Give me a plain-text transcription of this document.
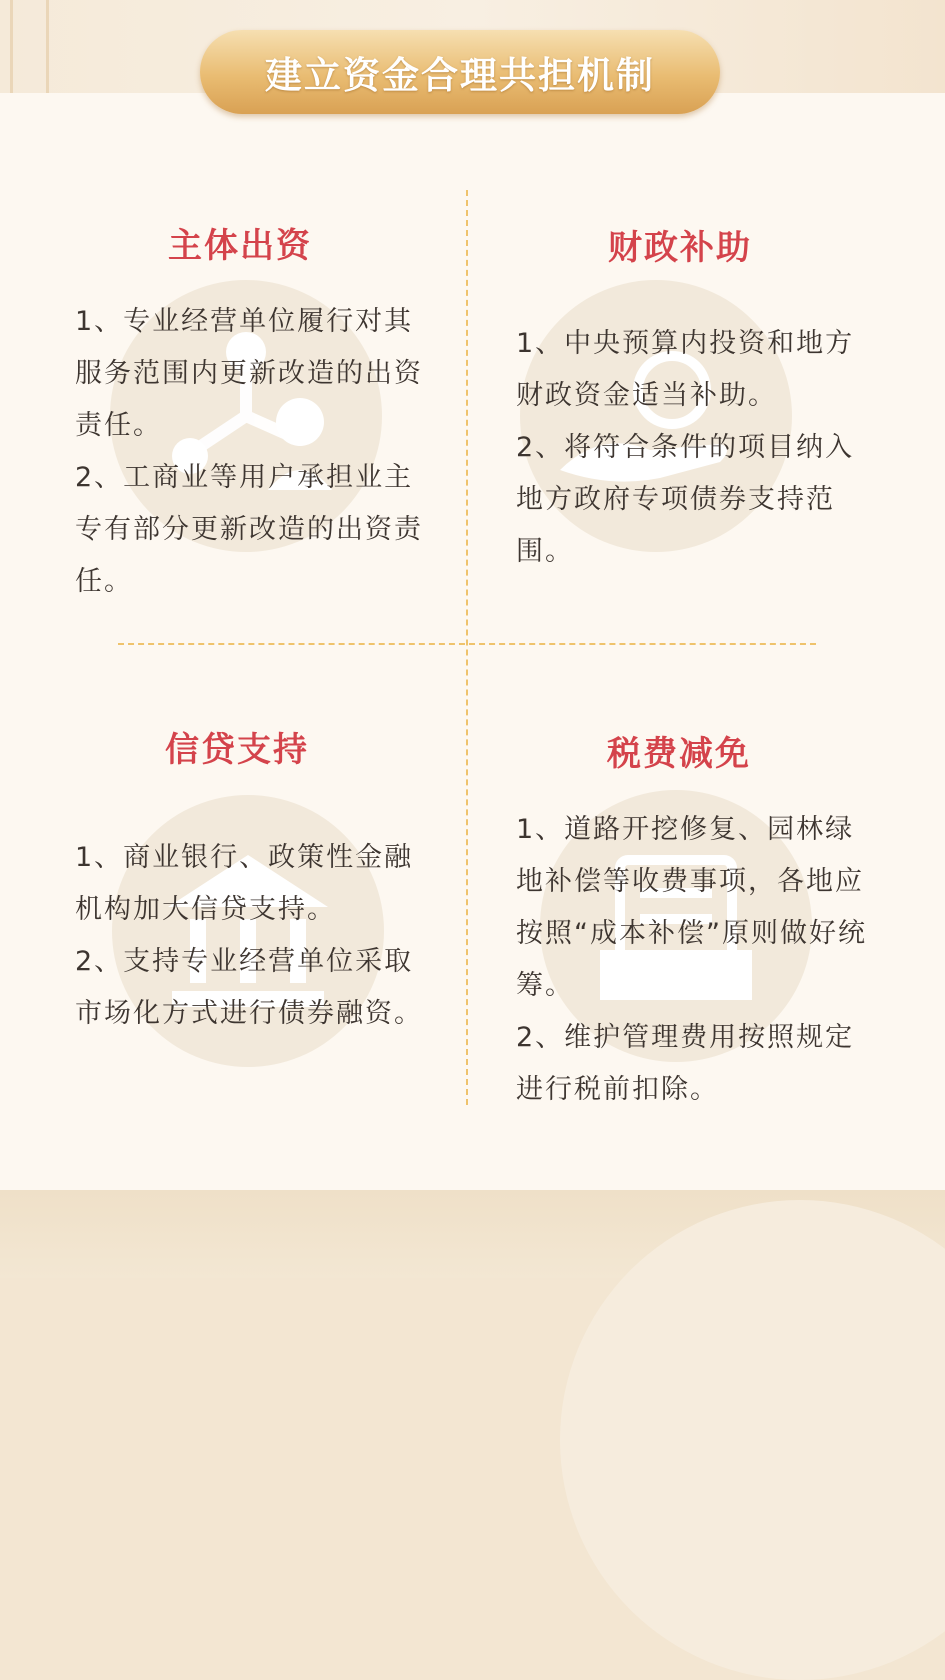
建立资金合理共担机制
主体出资

1、专业经营单位履行对其服务范围内更新改造的出资责任。

2、工商业等用户承担业主专有部分更新改造的出资责任。

财政补助

1、中央预算内投资和地方财政资金适当补助。

2、将符合条件的项目纳入地方政府专项债券支持范围。

信贷支持

1、商业银行、政策性金融机构加大信贷支持。

2、支持专业经营单位采取市场化方式进行债券融资。

税费减免

1、道路开挖修复、园林绿地补偿等收费事项，各地应按照“成本补偿”原则做好统筹。

2、维护管理费用按照规定进行税前扣除。
